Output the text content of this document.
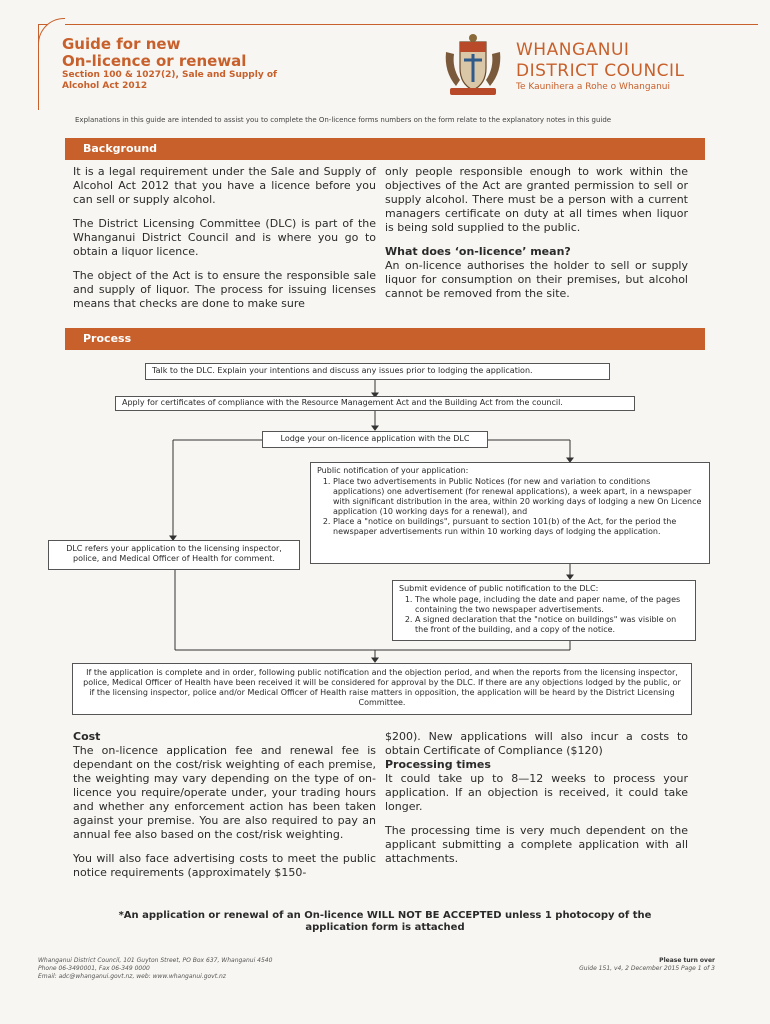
Guide for new
On-licence or renewal
Section 100 & 1027(2), Sale and Supply of
Alcohol Act 2012
WHANGANUI
DISTRICT COUNCIL
Te Kaunihera a Rohe o Whanganui
Explanations in this guide are intended to assist you to complete the On-licence forms numbers on the form relate to the explanatory notes in this guide
Background

It is a legal requirement under the Sale and Supply of Alcohol Act 2012 that you have a licence before you can sell or supply alcohol.

The District Licensing Committee (DLC) is part of the Whanganui District Council and is where you go to obtain a liquor licence.

The object of the Act is to ensure the responsible sale and supply of liquor. The process for issuing licenses means that checks are done to make sure

only people responsible enough to work within the objectives of the Act are granted permission to sell or supply alcohol. There must be a person with a current managers certificate on duty at all times when liquor is being sold supplied to the public.

What does ‘on-licence’ mean?

An on-licence authorises the holder to sell or supply liquor for consumption on their premises, but alcohol cannot be removed from the site.

Process
Talk to the DLC. Explain your intentions and discuss any issues prior to lodging the application.
Apply for certificates of compliance with the Resource Management Act and the Building Act from the council.
Lodge your on-licence application with the DLC
Public notification of your application:
1. Place two advertisements in Public Notices (for new and variation to conditions applications) one advertisement (for renewal applications), a week apart, in a newspaper with significant distribution in the area, within 20 working days of lodging a new On Licence application (10 working days for a renewal), and
2. Place a "notice on buildings", pursuant to section 101(b) of the Act, for the period the newspaper advertisements run within 10 working days of lodging the application.
DLC refers your application to the licensing inspector, police, and Medical Officer of Health for comment.
Submit evidence of public notification to the DLC:
1. The whole page, including the date and paper name, of the pages containing the two newspaper advertisements.
2. A signed declaration that the "notice on buildings" was visible on the front of the building, and a copy of the notice.
If the application is complete and in order, following public notification and the objection period, and when the reports from the licensing inspector, police, Medical Officer of Health have been received it will be considered for approval by the DLC. If there are any objections lodged by the public, or if the licensing inspector, police and/or Medical Officer of Health raise matters in opposition, the application will be heard by the District Licensing Committee.
Cost

The on-licence application fee and renewal fee is dependant on the cost/risk weighting of each premise, the weighting may vary depending on the type of on-licence you require/operate under, your trading hours and whether any enforcement action has been taken against your premise. You are also required to pay an annual fee also based on the cost/risk weighting.

You will also face advertising costs to meet the public notice requirements (approximately $150-

$200). New applications will also incur a costs to obtain Certificate of Compliance ($120)

Processing times

It could take up to 8—12 weeks to process your application. If an objection is received, it could take longer.

The processing time is very much dependent on the applicant submitting a complete application with all attachments.

*An application or renewal of an On-licence WILL NOT BE ACCEPTED unless 1 photocopy of the
application form is attached
Whanganui District Council, 101 Guyton Street, PO Box 637, Whanganui 4540
Phone 06-3490001, Fax 06-349 0000
Email: adc@whanganui.govt.nz, web: www.whanganui.govt.nz
Please turn over
Guide 151, v4, 2 December 2015 Page 1 of 3
